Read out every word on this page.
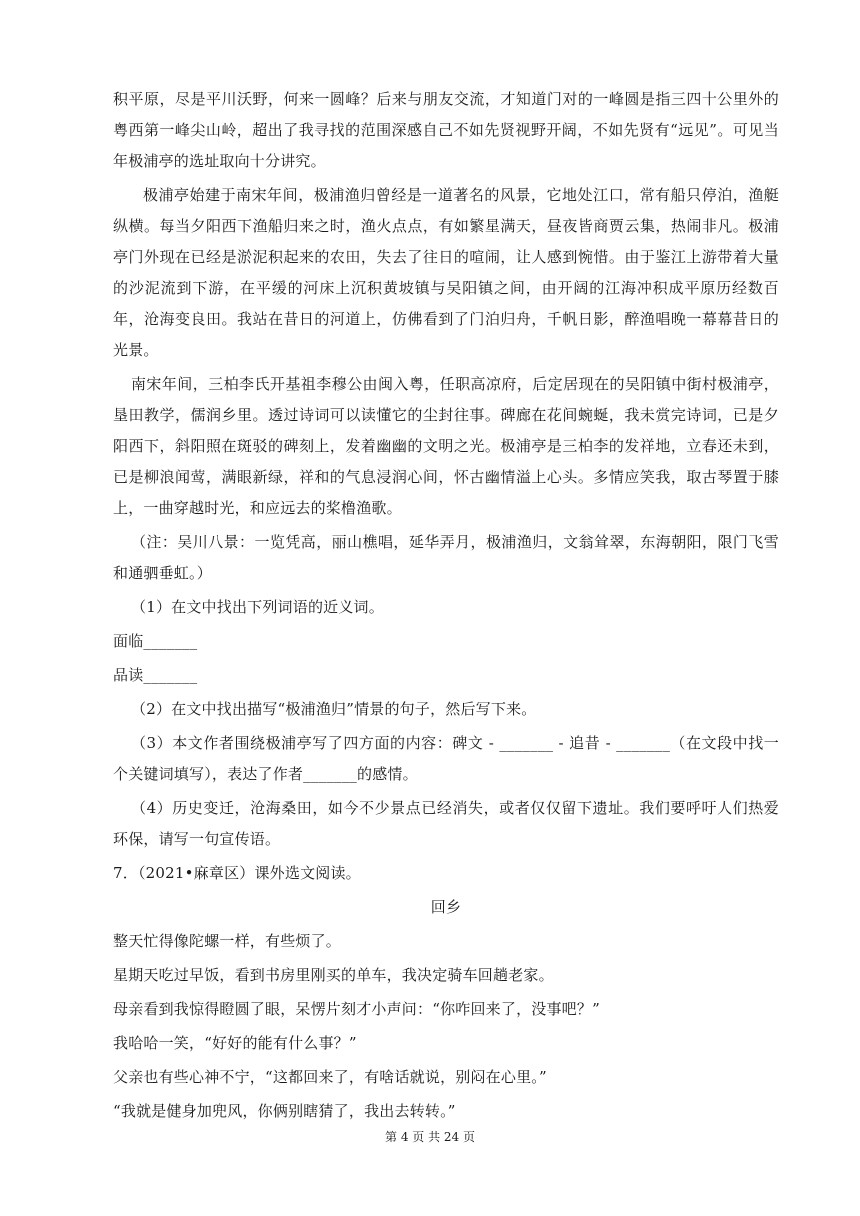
积平原，尽是平川沃野，何来一圆峰？后来与朋友交流，才知道门对的一峰圆是指三四十公里外的粤西第一峰尖山岭，超出了我寻找的范围深感自己不如先贤视野开阔，不如先贤有“远见”。可见当年极浦亭的选址取向十分讲究。

极浦亭始建于南宋年间，极浦渔归曾经是一道著名的风景，它地处江口，常有船只停泊，渔艇纵横。每当夕阳西下渔船归来之时，渔火点点，有如繁星满天，昼夜皆商贾云集，热闹非凡。极浦亭门外现在已经是淤泥积起来的农田，失去了往日的喧闹，让人感到惋惜。由于鉴江上游带着大量的沙泥流到下游，在平缓的河床上沉积黄坡镇与吴阳镇之间，由开阔的江海冲积成平原历经数百年，沧海变良田。我站在昔日的河道上，仿佛看到了门泊归舟，千帆日影，醉渔唱晚一幕幕昔日的光景。

南宋年间，三柏李氏开基祖李穆公由闽入粤，任职高凉府，后定居现在的吴阳镇中街村极浦亭，垦田教学，儒润乡里。透过诗词可以读懂它的尘封往事。碑廊在花间蜿蜒，我未赏完诗词，已是夕阳西下，斜阳照在斑驳的碑刻上，发着幽幽的文明之光。极浦亭是三柏李的发祥地，立春还未到，已是柳浪闻莺，满眼新绿，祥和的气息浸润心间，怀古幽情溢上心头。多情应笑我，取古琴置于膝上，一曲穿越时光，和应远去的桨橹渔歌。

（注：吴川八景：一览凭高，丽山樵唱，延华弄月，极浦渔归，文翁耸翠，东海朝阳，限门飞雪和通驷垂虹。）

（1）在文中找出下列词语的近义词。

面临_______

品读_______

（2）在文中找出描写“极浦渔归”情景的句子，然后写下来。

（3）本文作者围绕极浦亭写了四方面的内容：碑文 - _______ - 追昔 - _______（在文段中找一个关键词填写），表达了作者_______的感情。

（4）历史变迁，沧海桑田，如今不少景点已经消失，或者仅仅留下遗址。我们要呼吁人们热爱环保，请写一句宣传语。

7．（2021•麻章区）课外选文阅读。

回乡

整天忙得像陀螺一样，有些烦了。

星期天吃过早饭，看到书房里刚买的单车，我决定骑车回趟老家。

母亲看到我惊得瞪圆了眼，呆愣片刻才小声问：“你咋回来了，没事吧？”

我哈哈一笑，“好好的能有什么事？”

父亲也有些心神不宁，“这都回来了，有啥话就说，别闷在心里。”

“我就是健身加兜风，你俩别瞎猜了，我出去转转。”

第 4 页 共 24 页
